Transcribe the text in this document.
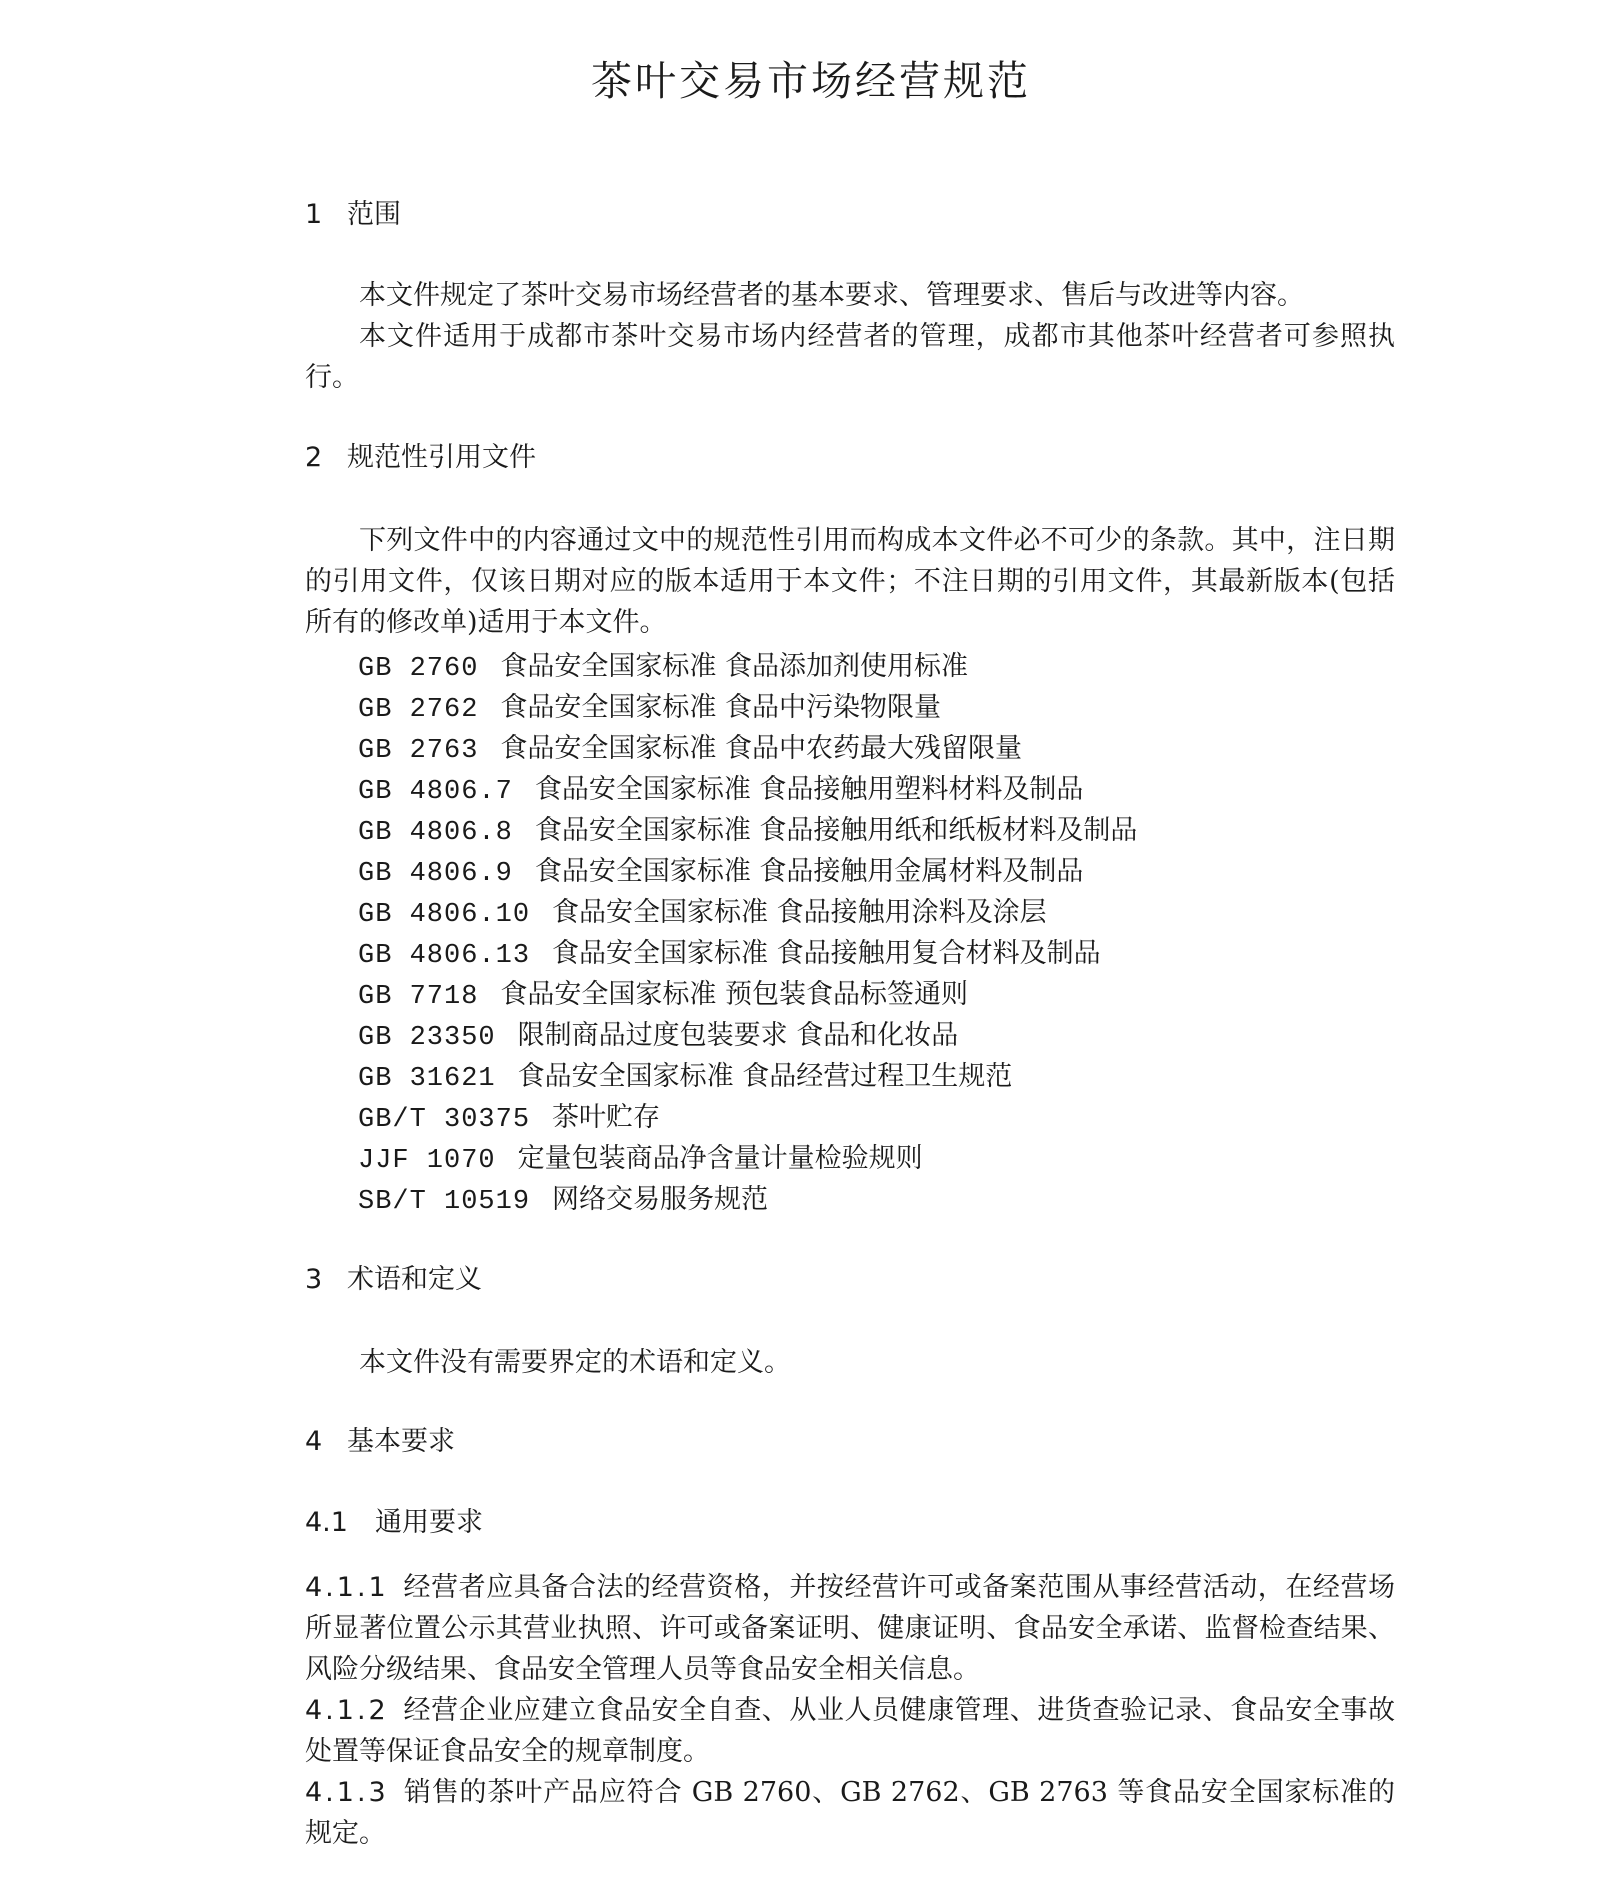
茶叶交易市场经营规范
1 范围
本文件规定了茶叶交易市场经营者的基本要求、管理要求、售后与改进等内容。
本文件适用于成都市茶叶交易市场内经营者的管理，成都市其他茶叶经营者可参照执行。
2 规范性引用文件
下列文件中的内容通过文中的规范性引用而构成本文件必不可少的条款。其中，注日期的引用文件，仅该日期对应的版本适用于本文件；不注日期的引用文件，其最新版本(包括所有的修改单)适用于本文件。
GB 2760 食品安全国家标准 食品添加剂使用标准
GB 2762 食品安全国家标准 食品中污染物限量
GB 2763 食品安全国家标准 食品中农药最大残留限量
GB 4806.7 食品安全国家标准 食品接触用塑料材料及制品
GB 4806.8 食品安全国家标准 食品接触用纸和纸板材料及制品
GB 4806.9 食品安全国家标准 食品接触用金属材料及制品
GB 4806.10 食品安全国家标准 食品接触用涂料及涂层
GB 4806.13 食品安全国家标准 食品接触用复合材料及制品
GB 7718 食品安全国家标准 预包装食品标签通则
GB 23350 限制商品过度包装要求 食品和化妆品
GB 31621 食品安全国家标准 食品经营过程卫生规范
GB/T 30375 茶叶贮存
JJF 1070 定量包装商品净含量计量检验规则
SB/T 10519 网络交易服务规范
3 术语和定义
本文件没有需要界定的术语和定义。
4 基本要求
4.1 通用要求
4.1.1 经营者应具备合法的经营资格，并按经营许可或备案范围从事经营活动，在经营场所显著位置公示其营业执照、许可或备案证明、健康证明、食品安全承诺、监督检查结果、风险分级结果、食品安全管理人员等食品安全相关信息。
4.1.2 经营企业应建立食品安全自查、从业人员健康管理、进货查验记录、食品安全事故处置等保证食品安全的规章制度。
4.1.3 销售的茶叶产品应符合 GB 2760、GB 2762、GB 2763 等食品安全国家标准的规定。
